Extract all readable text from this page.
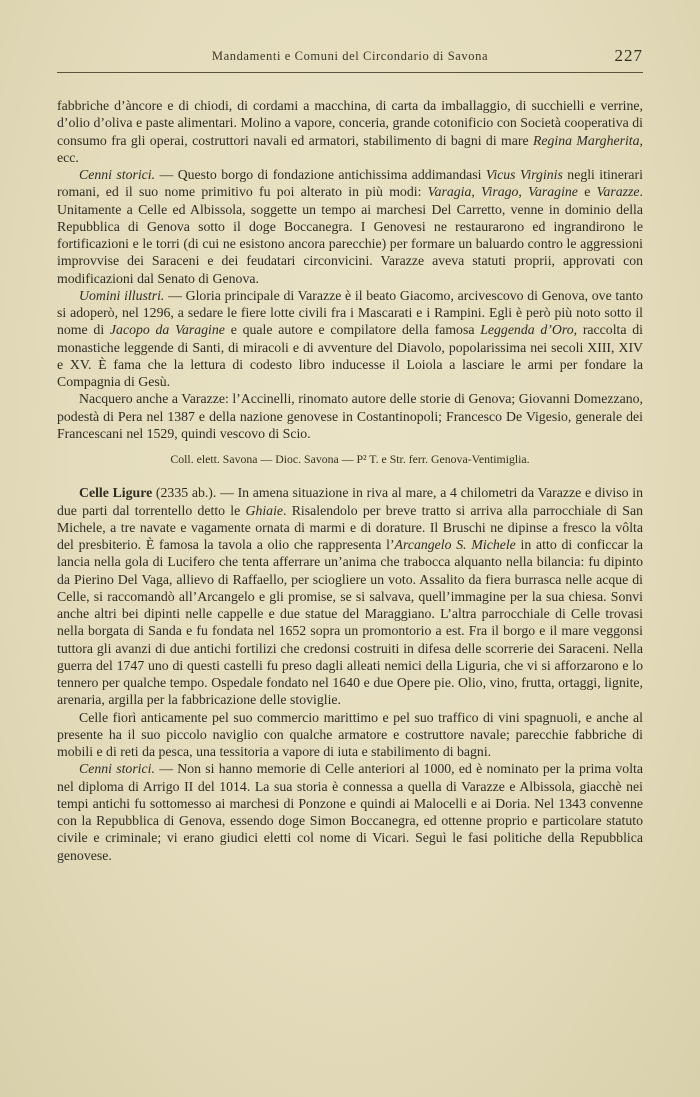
Mandamenti e Comuni del Circondario di Savona	227

fabbriche d’àncore e di chiodi, di cordami a macchina, di carta da imballaggio, di succhielli e verrine, d’olio d’oliva e paste alimentari. Molino a vapore, conceria, grande cotonificio con Società cooperativa di consumo fra gli operai, costruttori navali ed armatori, stabilimento di bagni di mare Regina Margherita, ecc.

Cenni storici. — Questo borgo di fondazione antichissima addimandasi Vicus Virginis negli itinerari romani, ed il suo nome primitivo fu poi alterato in più modi: Varagia, Virago, Varagine e Varazze. Unitamente a Celle ed Albissola, soggette un tempo ai marchesi Del Carretto, venne in dominio della Repubblica di Genova sotto il doge Boccanegra. I Genovesi ne restaurarono ed ingrandirono le fortificazioni e le torri (di cui ne esistono ancora parecchie) per formare un baluardo contro le aggressioni improvvise dei Saraceni e dei feudatari circonvicini. Varazze aveva statuti proprii, approvati con modificazioni dal Senato di Genova.

Uomini illustri. — Gloria principale di Varazze è il beato Giacomo, arcivescovo di Genova, ove tanto si adoperò, nel 1296, a sedare le fiere lotte civili fra i Mascarati e i Rampini. Egli è però più noto sotto il nome di Jacopo da Varagine e quale autore e compilatore della famosa Leggenda d’Oro, raccolta di monastiche leggende di Santi, di miracoli e di avventure del Diavolo, popolarissima nei secoli XIII, XIV e XV. È fama che la lettura di codesto libro inducesse il Loiola a lasciare le armi per fondare la Compagnia di Gesù.

Nacquero anche a Varazze: l’Accinelli, rinomato autore delle storie di Genova; Giovanni Domezzano, podestà di Pera nel 1387 e della nazione genovese in Costantinopoli; Francesco De Vigesio, generale dei Francescani nel 1529, quindi vescovo di Scio.

Coll. elett. Savona — Dioc. Savona — P² T. e Str. ferr. Genova-Ventimiglia.

Celle Ligure (2335 ab.). — In amena situazione in riva al mare, a 4 chilometri da Varazze e diviso in due parti dal torrentello detto le Ghiaie. Risalendolo per breve tratto si arriva alla parrocchiale di San Michele, a tre navate e vagamente ornata di marmi e di dorature. Il Bruschi ne dipinse a fresco la vôlta del presbiterio. È famosa la tavola a olio che rappresenta l’Arcangelo S. Michele in atto di conficcar la lancia nella gola di Lucifero che tenta afferrare un’anima che trabocca alquanto nella bilancia: fu dipinto da Pierino Del Vaga, allievo di Raffaello, per sciogliere un voto. Assalito da fiera burrasca nelle acque di Celle, si raccomandò all’Arcangelo e gli promise, se si salvava, quell’immagine per la sua chiesa. Sonvi anche altri bei dipinti nelle cappelle e due statue del Maraggiano. L’altra parrocchiale di Celle trovasi nella borgata di Sanda e fu fondata nel 1652 sopra un promontorio a est. Fra il borgo e il mare veggonsi tuttora gli avanzi di due antichi fortilizi che credonsi costruiti in difesa delle scorrerie dei Saraceni. Nella guerra del 1747 uno di questi castelli fu preso dagli alleati nemici della Liguria, che vi si afforzarono e lo tennero per qualche tempo. Ospedale fondato nel 1640 e due Opere pie. Olio, vino, frutta, ortaggi, lignite, arenaria, argilla per la fabbricazione delle stoviglie.

Celle fiorì anticamente pel suo commercio marittimo e pel suo traffico di vini spagnuoli, e anche al presente ha il suo piccolo naviglio con qualche armatore e costruttore navale; parecchie fabbriche di mobili e di reti da pesca, una tessitoria a vapore di iuta e stabilimento di bagni.

Cenni storici. — Non si hanno memorie di Celle anteriori al 1000, ed è nominato per la prima volta nel diploma di Arrigo II del 1014. La sua storia è connessa a quella di Varazze e Albissola, giacchè nei tempi antichi fu sottomesso ai marchesi di Ponzone e quindi ai Malocelli e ai Doria. Nel 1343 convenne con la Repubblica di Genova, essendo doge Simon Boccanegra, ed ottenne proprio e particolare statuto civile e criminale; vi erano giudici eletti col nome di Vicari. Seguì le fasi politiche della Repubblica genovese.
